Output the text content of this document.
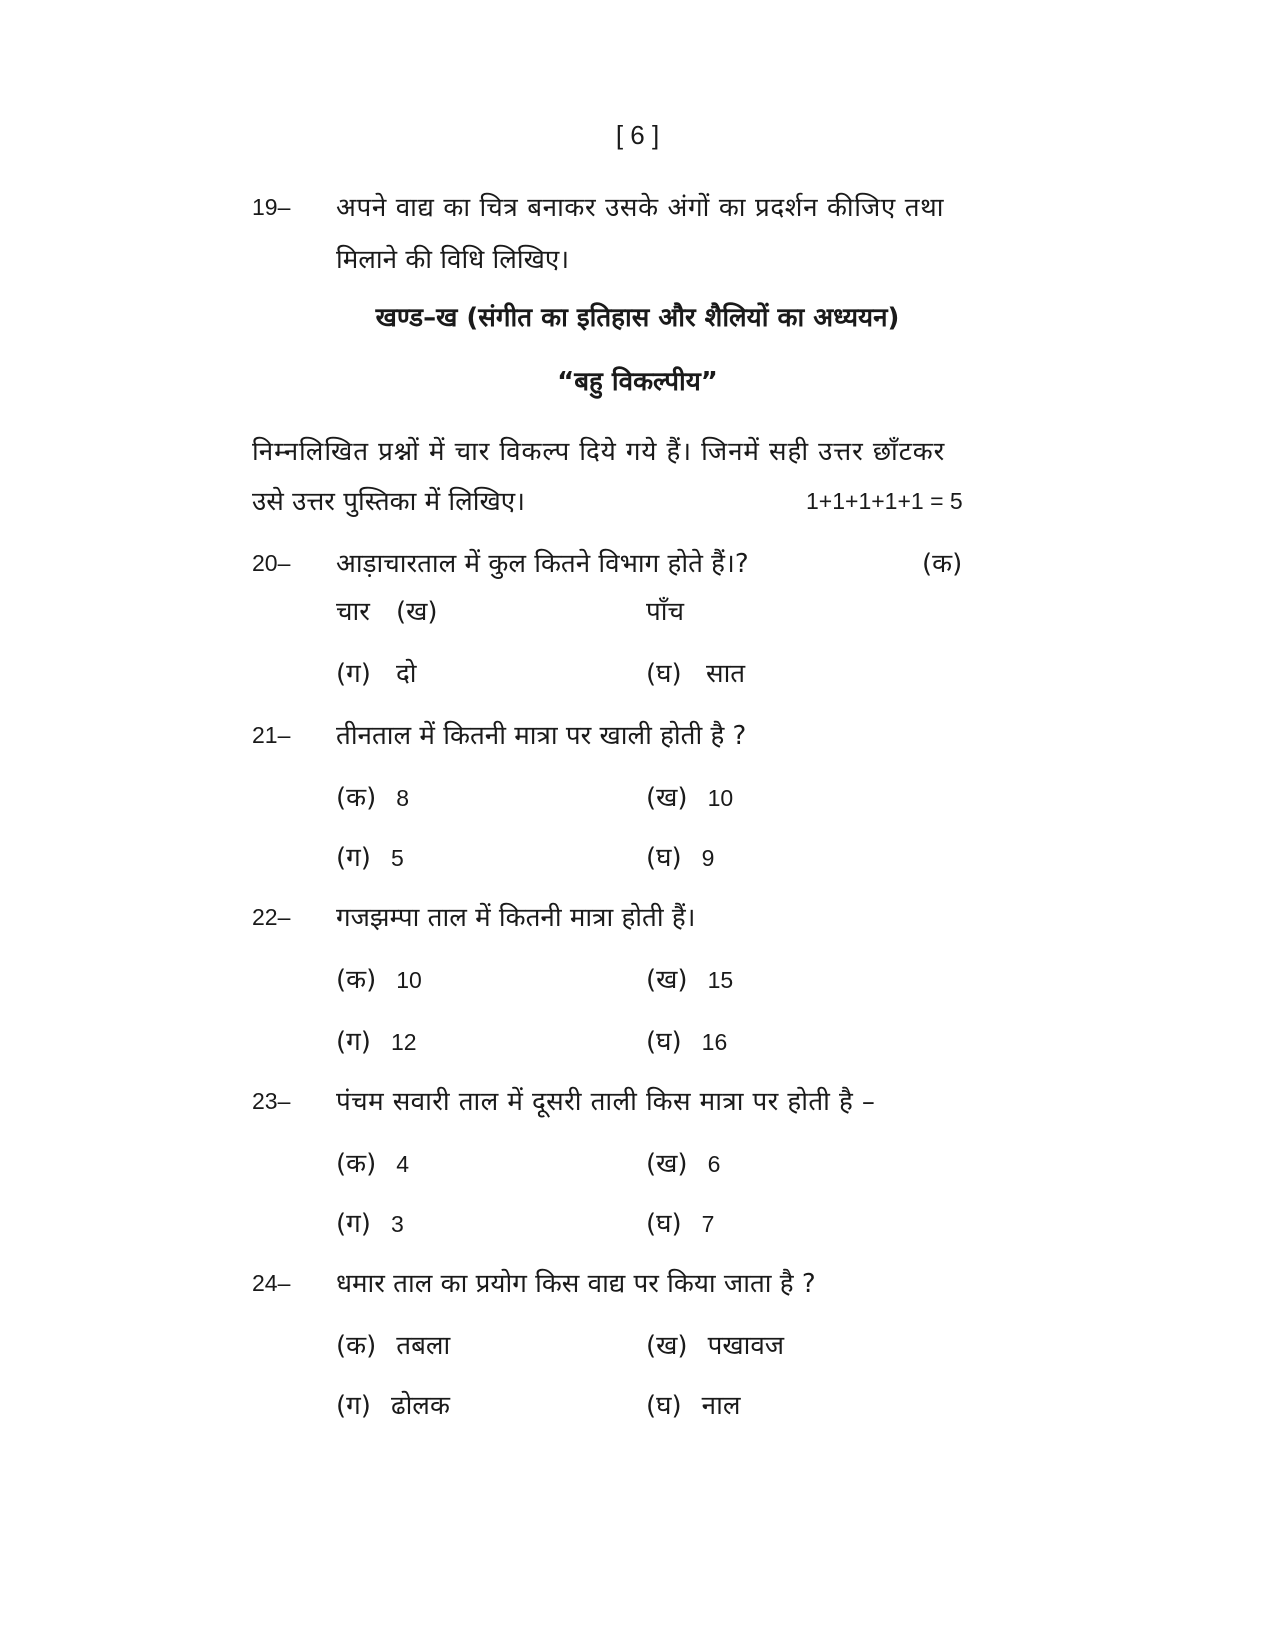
[ 6 ]
19– अपने वाद्य का चित्र बनाकर उसके अंगों का प्रदर्शन कीजिए तथा
मिलाने की विधि लिखिए।
खण्ड–ख (संगीत का इतिहास और शैलियों का अध्ययन)
“बहु विकल्पीय”
निम्नलिखित प्रश्नों में चार विकल्प दिये गये हैं। जिनमें सही उत्तर छाँटकर
उसे उत्तर पुस्तिका में लिखिए।	1+1+1+1+1 = 5
20– आड़ाचारताल में कुल कितने विभाग होते हैं।?	(क)
चार (ख)	पाँच
(ग) दो	(घ) सात
21– तीनताल में कितनी मात्रा पर खाली होती है ?
(क) 8	(ख) 10
(ग) 5	(घ) 9
22– गजझम्पा ताल में कितनी मात्रा होती हैं।
(क) 10	(ख) 15
(ग) 12	(घ) 16
23– पंचम सवारी ताल में दूसरी ताली किस मात्रा पर होती है –
(क) 4	(ख) 6
(ग) 3	(घ) 7
24– धमार ताल का प्रयोग किस वाद्य पर किया जाता है ?
(क) तबला	(ख) पखावज
(ग) ढोलक	(घ) नाल
